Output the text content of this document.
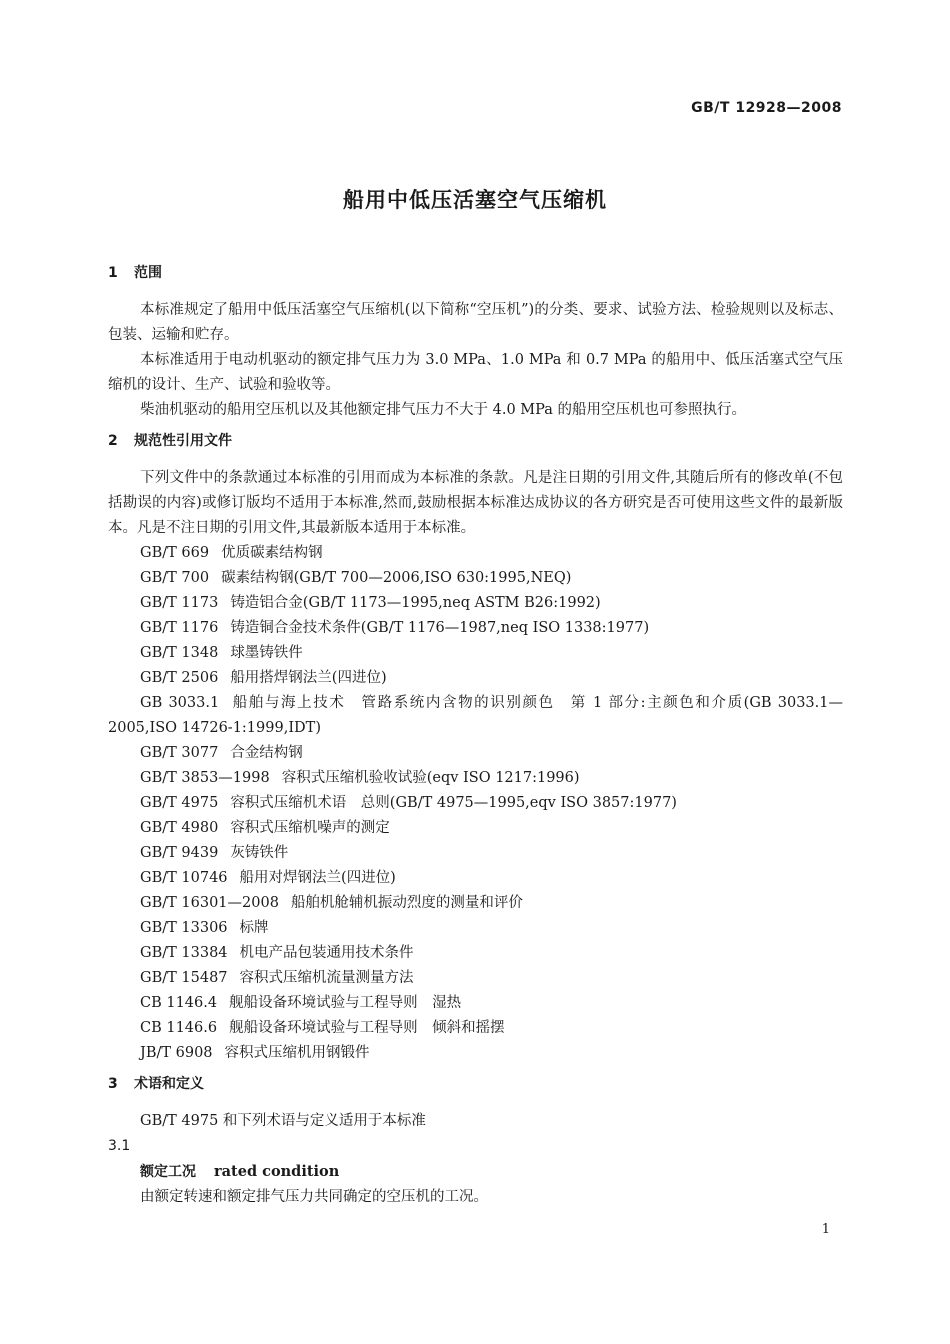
GB/T 12928—2008
船用中低压活塞空气压缩机
1 范围

本标准规定了船用中低压活塞空气压缩机(以下简称“空压机”)的分类、要求、试验方法、检验规则以及标志、包装、运输和贮存。

本标准适用于电动机驱动的额定排气压力为 3.0 MPa、1.0 MPa 和 0.7 MPa 的船用中、低压活塞式空气压缩机的设计、生产、试验和验收等。

柴油机驱动的船用空压机以及其他额定排气压力不大于 4.0 MPa 的船用空压机也可参照执行。

2 规范性引用文件

下列文件中的条款通过本标准的引用而成为本标准的条款。凡是注日期的引用文件,其随后所有的修改单(不包括勘误的内容)或修订版均不适用于本标准,然而,鼓励根据本标准达成协议的各方研究是否可使用这些文件的最新版本。凡是不注日期的引用文件,其最新版本适用于本标准。

GB/T 669 优质碳素结构钢

GB/T 700 碳素结构钢(GB/T 700—2006,ISO 630:1995,NEQ)

GB/T 1173 铸造铝合金(GB/T 1173—1995,neq ASTM B26:1992)

GB/T 1176 铸造铜合金技术条件(GB/T 1176—1987,neq ISO 1338:1977)

GB/T 1348 球墨铸铁件

GB/T 2506 船用搭焊钢法兰(四进位)

GB 3033.1 船舶与海上技术　管路系统内含物的识别颜色　第 1 部分:主颜色和介质(GB 3033.1—2005,ISO 14726-1:1999,IDT)

GB/T 3077 合金结构钢

GB/T 3853—1998 容积式压缩机验收试验(eqv ISO 1217:1996)

GB/T 4975 容积式压缩机术语　总则(GB/T 4975—1995,eqv ISO 3857:1977)

GB/T 4980 容积式压缩机噪声的测定

GB/T 9439 灰铸铁件

GB/T 10746 船用对焊钢法兰(四进位)

GB/T 16301—2008 船舶机舱辅机振动烈度的测量和评价

GB/T 13306 标牌

GB/T 13384 机电产品包装通用技术条件

GB/T 15487 容积式压缩机流量测量方法

CB 1146.4 舰船设备环境试验与工程导则　湿热

CB 1146.6 舰船设备环境试验与工程导则　倾斜和摇摆

JB/T 6908 容积式压缩机用钢锻件

3 术语和定义

GB/T 4975 和下列术语与定义适用于本标准

3.1

额定工况 rated condition

由额定转速和额定排气压力共同确定的空压机的工况。

1
